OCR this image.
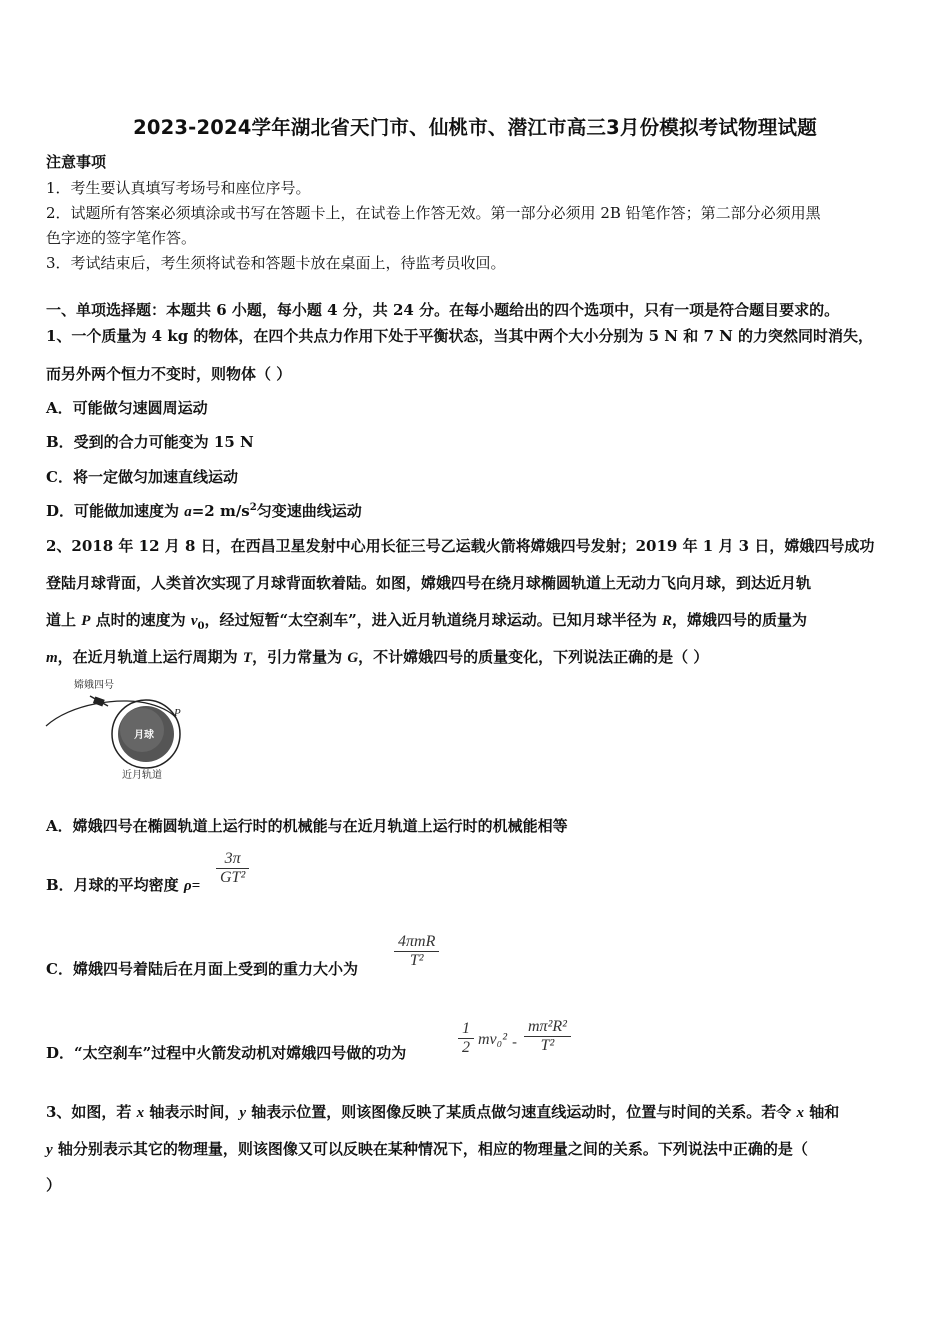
2023-2024学年湖北省天门市、仙桃市、潜江市高三3月份模拟考试物理试题
注意事项
1．考生要认真填写考场号和座位序号。
2．试题所有答案必须填涂或书写在答题卡上，在试卷上作答无效。第一部分必须用 2B 铅笔作答；第二部分必须用黑
色字迹的签字笔作答。
3．考试结束后，考生须将试卷和答题卡放在桌面上，待监考员收回。
一、单项选择题：本题共 6 小题，每小题 4 分，共 24 分。在每小题给出的四个选项中，只有一项是符合题目要求的。
1、一个质量为 4 kg 的物体，在四个共点力作用下处于平衡状态，当其中两个大小分别为 5 N 和 7 N 的力突然同时消失，
而另外两个恒力不变时，则物体（ ）
A．可能做匀速圆周运动
B．受到的合力可能变为 15 N
C．将一定做匀加速直线运动
D．可能做加速度为 a=2 $m/s^2$匀变速曲线运动
2、2018 年 12 月 8 日，在西昌卫星发射中心用长征三号乙运载火箭将嫦娥四号发射；2019 年 1 月 3 日，嫦娥四号成功
登陆月球背面，人类首次实现了月球背面软着陆。如图，嫦娥四号在绕月球椭圆轨道上无动力飞向月球，到达近月轨
道上 P 点时的速度为 $v_0$，经过短暂“太空刹车”，进入近月轨道绕月球运动。已知月球半径为 R，嫦娥四号的质量为
m，在近月轨道上运行周期为 T，引力常量为 G，不计嫦娥四号的质量变化，下列说法正确的是（ ）
嫦娥四号
月球
P
近月轨道
A．嫦娥四号在椭圆轨道上运行时的机械能与在近月轨道上运行时的机械能相等
B．月球的平均密度 ρ=
3π
GT²
C．嫦娥四号着陆后在月面上受到的重力大小为
4πmR
T²
D．“太空刹车”过程中火箭发动机对嫦娥四号做的功为
1
2 mv₀² -
mπ²R²
T²
3、如图，若 x 轴表示时间，y 轴表示位置，则该图像反映了某质点做匀速直线运动时，位置与时间的关系。若令 x 轴和
y 轴分别表示其它的物理量，则该图像又可以反映在某种情况下，相应的物理量之间的关系。下列说法中正确的是（
）
